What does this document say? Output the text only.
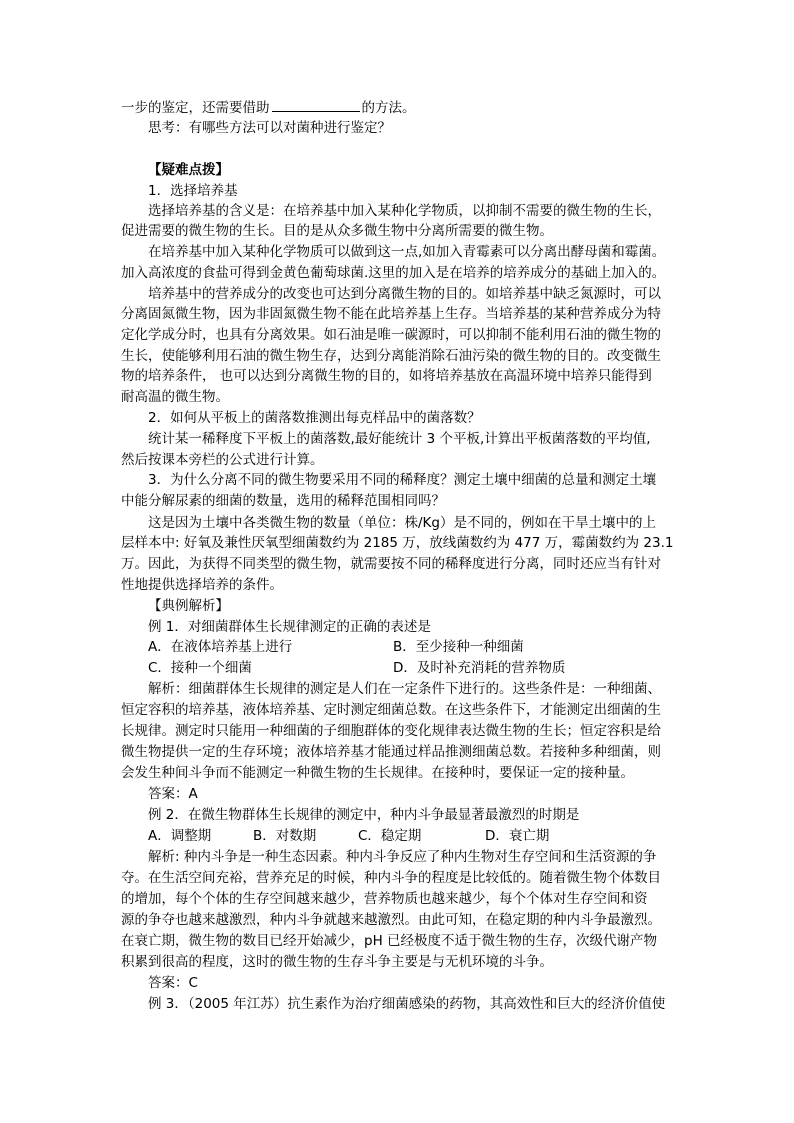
一步的鉴定，还需要借助	的方法。
思考：有哪些方法可以对菌种进行鉴定？
【疑难点拨】
1．选择培养基
选择培养基的含义是：在培养基中加入某种化学物质，以抑制不需要的微生物的生长，
促进需要的微生物的生长。目的是从众多微生物中分离所需要的微生物。
在培养基中加入某种化学物质可以做到这一点,如加入青霉素可以分离出酵母菌和霉菌。
加入高浓度的食盐可得到金黄色葡萄球菌.这里的加入是在培养的培养成分的基础上加入的。
培养基中的营养成分的改变也可达到分离微生物的目的。如培养基中缺乏氮源时，可以
分离固氮微生物，因为非固氮微生物不能在此培养基上生存。当培养基的某种营养成分为特
定化学成分时，也具有分离效果。如石油是唯一碳源时，可以抑制不能利用石油的微生物的
生长，使能够利用石油的微生物生存，达到分离能消除石油污染的微生物的目的。改变微生
物的培养条件， 也可以达到分离微生物的目的，如将培养基放在高温环境中培养只能得到
耐高温的微生物。
2．如何从平板上的菌落数推测出每克样品中的菌落数？
统计某一稀释度下平板上的菌落数,最好能统计 3 个平板,计算出平板菌落数的平均值,
然后按课本旁栏的公式进行计算。
3．为什么分离不同的微生物要采用不同的稀释度？测定土壤中细菌的总量和测定土壤
中能分解尿素的细菌的数量，选用的稀释范围相同吗？
这是因为土壤中各类微生物的数量（单位：株/Kg）是不同的，例如在干旱土壤中的上
层样本中: 好氧及兼性厌氧型细菌数约为 2185 万，放线菌数约为 477 万，霉菌数约为 23.1
万。因此，为获得不同类型的微生物，就需要按不同的稀释度进行分离，同时还应当有针对
性地提供选择培养的条件。
【典例解析】
例 1．对细菌群体生长规律测定的正确的表述是
A．在液体培养基上进行	B．至少接种一种细菌
C．接种一个细菌	D．及时补充消耗的营养物质
解析：细菌群体生长规律的测定是人们在一定条件下进行的。这些条件是：一种细菌、
恒定容积的培养基，液体培养基、定时测定细菌总数。在这些条件下，才能测定出细菌的生
长规律。测定时只能用一种细菌的子细胞群体的变化规律表达微生物的生长；恒定容积是给
微生物提供一定的生存环境；液体培养基才能通过样品推测细菌总数。若接种多种细菌，则
会发生种间斗争而不能测定一种微生物的生长规律。在接种时，要保证一定的接种量。
答案：A
例 2．在微生物群体生长规律的测定中，种内斗争最显著最激烈的时期是
A．调整期	B．对数期	C．稳定期	D．衰亡期
解析: 种内斗争是一种生态因素。种内斗争反应了种内生物对生存空间和生活资源的争
夺。在生活空间充裕，营养充足的时候，种内斗争的程度是比较低的。随着微生物个体数目
的增加，每个个体的生存空间越来越少，营养物质也越来越少，每个个体对生存空间和资
源的争夺也越来越激烈，种内斗争就越来越激烈。由此可知，在稳定期的种内斗争最激烈。
在衰亡期，微生物的数目已经开始减少，pH 已经极度不适于微生物的生存，次级代谢产物
积累到很高的程度，这时的微生物的生存斗争主要是与无机环境的斗争。
答案：C
例 3．（2005 年江苏）抗生素作为治疗细菌感染的药物，其高效性和巨大的经济价值使
